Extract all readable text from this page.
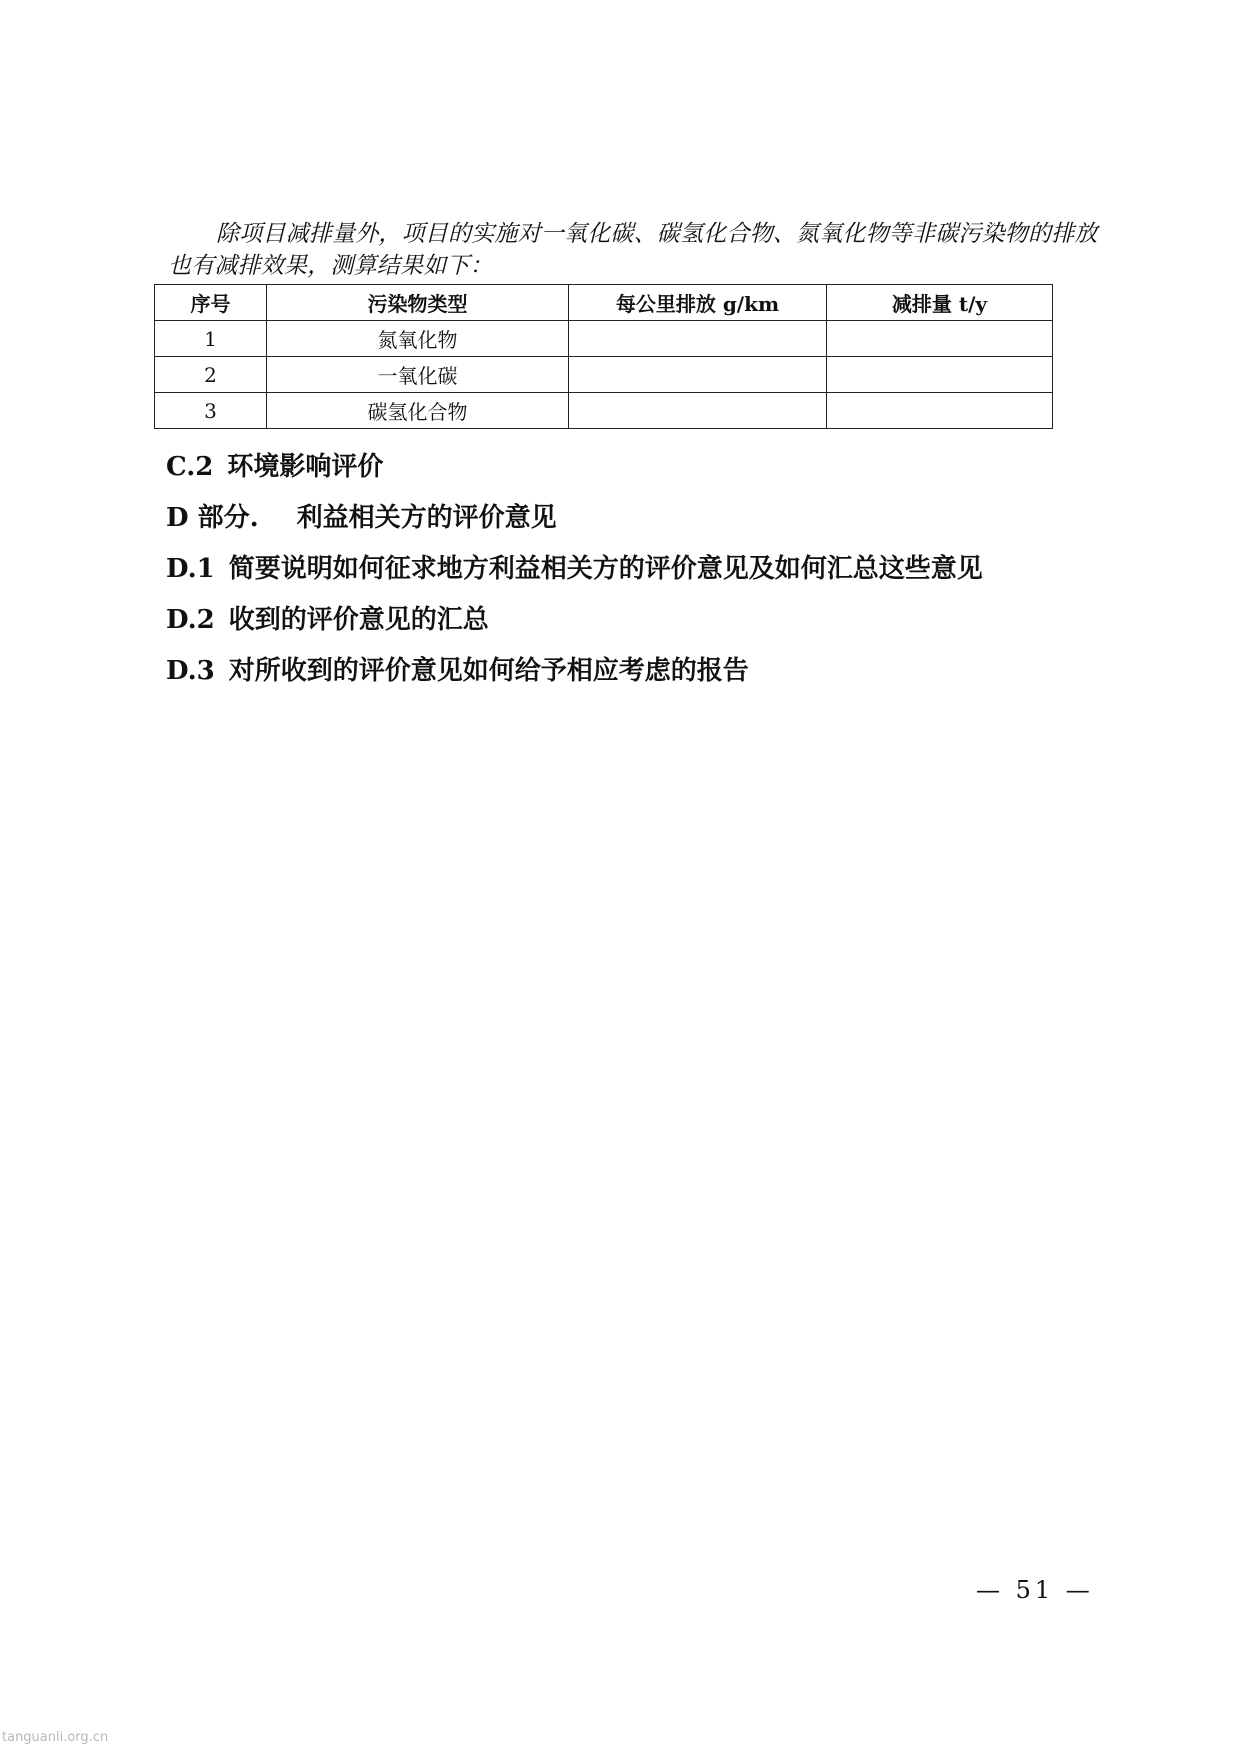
除项目减排量外，项目的实施对一氧化碳、碳氢化合物、氮氧化物等非碳污染物的排放也有减排效果，测算结果如下：

序号	污染物类型	每公里排放 g/km	减排量 t/y
1	氮氧化物		
2	一氧化碳		
3	碳氢化合物		
C.2 环境影响评价
D 部分. 利益相关方的评价意见
D.1 简要说明如何征求地方利益相关方的评价意见及如何汇总这些意见
D.2 收到的评价意见的汇总
D.3 对所收到的评价意见如何给予相应考虑的报告
— 51 —
tanguanli.org.cn
